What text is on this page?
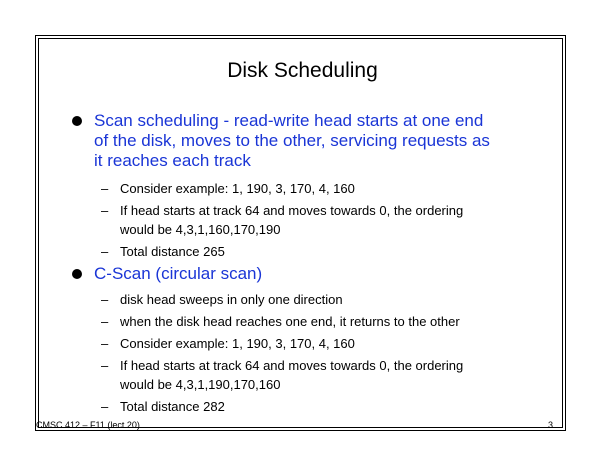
Disk Scheduling
Scan scheduling - read-write head starts at one end
of the disk, moves to the other, servicing requests as
it reaches each track
– Consider example: 1, 190, 3, 170, 4, 160
– If head starts at track 64 and moves towards 0, the ordering
would be 4,3,1,160,170,190
– Total distance 265
C-Scan (circular scan)
– disk head sweeps in only one direction
– when the disk head reaches one end, it returns to the other
– Consider example: 1, 190, 3, 170, 4, 160
– If head starts at track 64 and moves towards 0, the ordering
would be 4,3,1,190,170,160
– Total distance 282
CMSC 412 – F11 (lect 20)	3
